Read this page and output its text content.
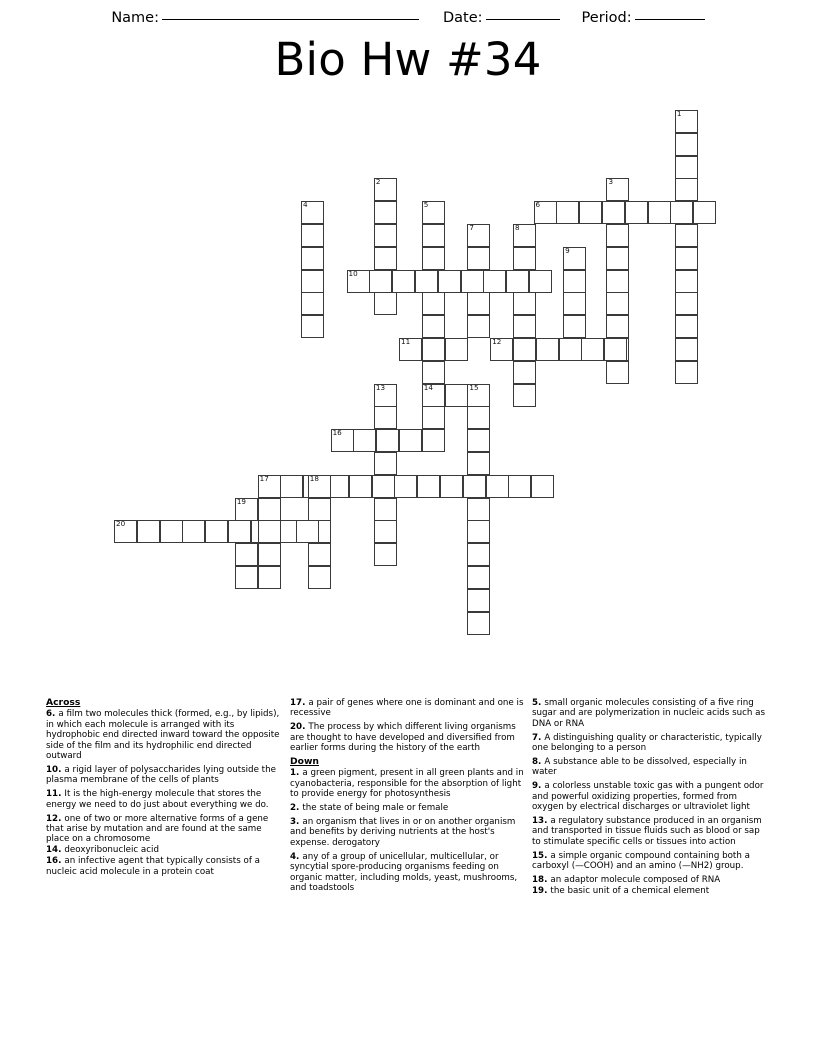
Name:	Date:	Period:
Bio Hw #34
1
2	3
4	5
14
6
7	8
9
10
11	12
13	15
16
17	18
19
20
Across

6. a film two molecules thick (formed, e.g., by lipids), in which each molecule is arranged with its hydrophobic end directed inward toward the opposite side of the film and its hydrophilic end directed outward

10. a rigid layer of polysaccharides lying outside the plasma membrane of the cells of plants

11. It is the high-energy molecule that stores the energy we need to do just about everything we do.

12. one of two or more alternative forms of a gene that arise by mutation and are found at the same place on a chromosome

14. deoxyribonucleic acid

16. an infective agent that typically consists of a nucleic acid molecule in a protein coat

17. a pair of genes where one is dominant and one is recessive

20. The process by which different living organisms are thought to have developed and diversified from earlier forms during the history of the earth

Down

1. a green pigment, present in all green plants and in cyanobacteria, responsible for the absorption of light to provide energy for photosynthesis

2. the state of being male or female

3. an organism that lives in or on another organism and benefits by deriving nutrients at the host's expense. derogatory

4. any of a group of unicellular, multicellular, or syncytial spore-producing organisms feeding on organic matter, including molds, yeast, mushrooms, and toadstools

5. small organic molecules consisting of a five ring sugar and are polymerization in nucleic acids such as DNA or RNA

7. A distinguishing quality or characteristic, typically one belonging to a person

8. A substance able to be dissolved, especially in water

9. a colorless unstable toxic gas with a pungent odor and powerful oxidizing properties, formed from oxygen by electrical discharges or ultraviolet light

13. a regulatory substance produced in an organism and transported in tissue fluids such as blood or sap to stimulate specific cells or tissues into action

15. a simple organic compound containing both a carboxyl (—COOH) and an amino (—NH2) group.

18. an adaptor molecule composed of RNA

19. the basic unit of a chemical element
